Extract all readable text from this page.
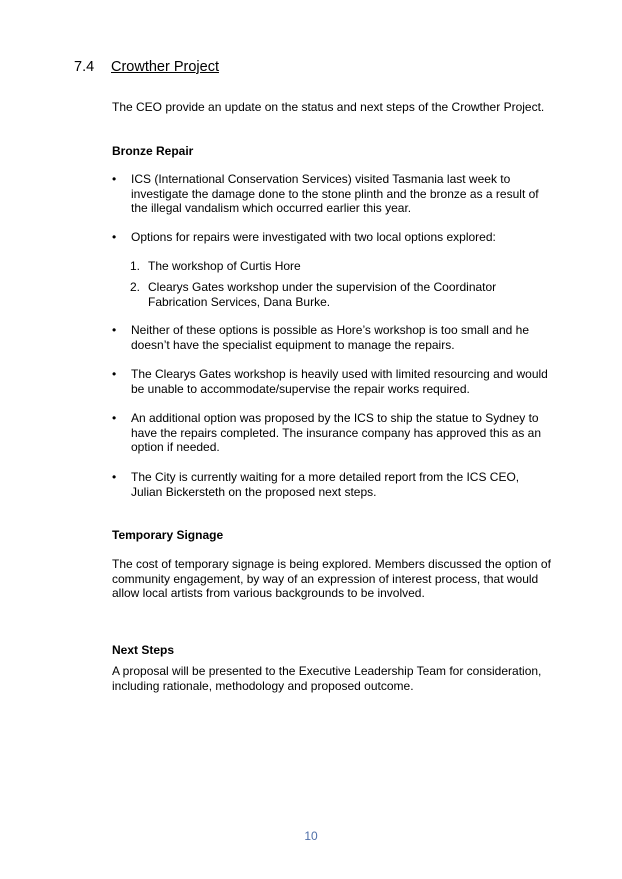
7.4 Crowther Project
The CEO provide an update on the status and next steps of the Crowther Project.
Bronze Repair
• ICS (International Conservation Services) visited Tasmania last week to investigate the damage done to the stone plinth and the bronze as a result of the illegal vandalism which occurred earlier this year.
• Options for repairs were investigated with two local options explored:
1. The workshop of Curtis Hore
2. Clearys Gates workshop under the supervision of the Coordinator Fabrication Services, Dana Burke.
• Neither of these options is possible as Hore’s workshop is too small and he doesn’t have the specialist equipment to manage the repairs.
• The Clearys Gates workshop is heavily used with limited resourcing and would be unable to accommodate/supervise the repair works required.
• An additional option was proposed by the ICS to ship the statue to Sydney to have the repairs completed. The insurance company has approved this as an option if needed.
• The City is currently waiting for a more detailed report from the ICS CEO, Julian Bickersteth on the proposed next steps.
Temporary Signage
The cost of temporary signage is being explored. Members discussed the option of community engagement, by way of an expression of interest process, that would allow local artists from various backgrounds to be involved.
Next Steps
A proposal will be presented to the Executive Leadership Team for consideration, including rationale, methodology and proposed outcome.
10
